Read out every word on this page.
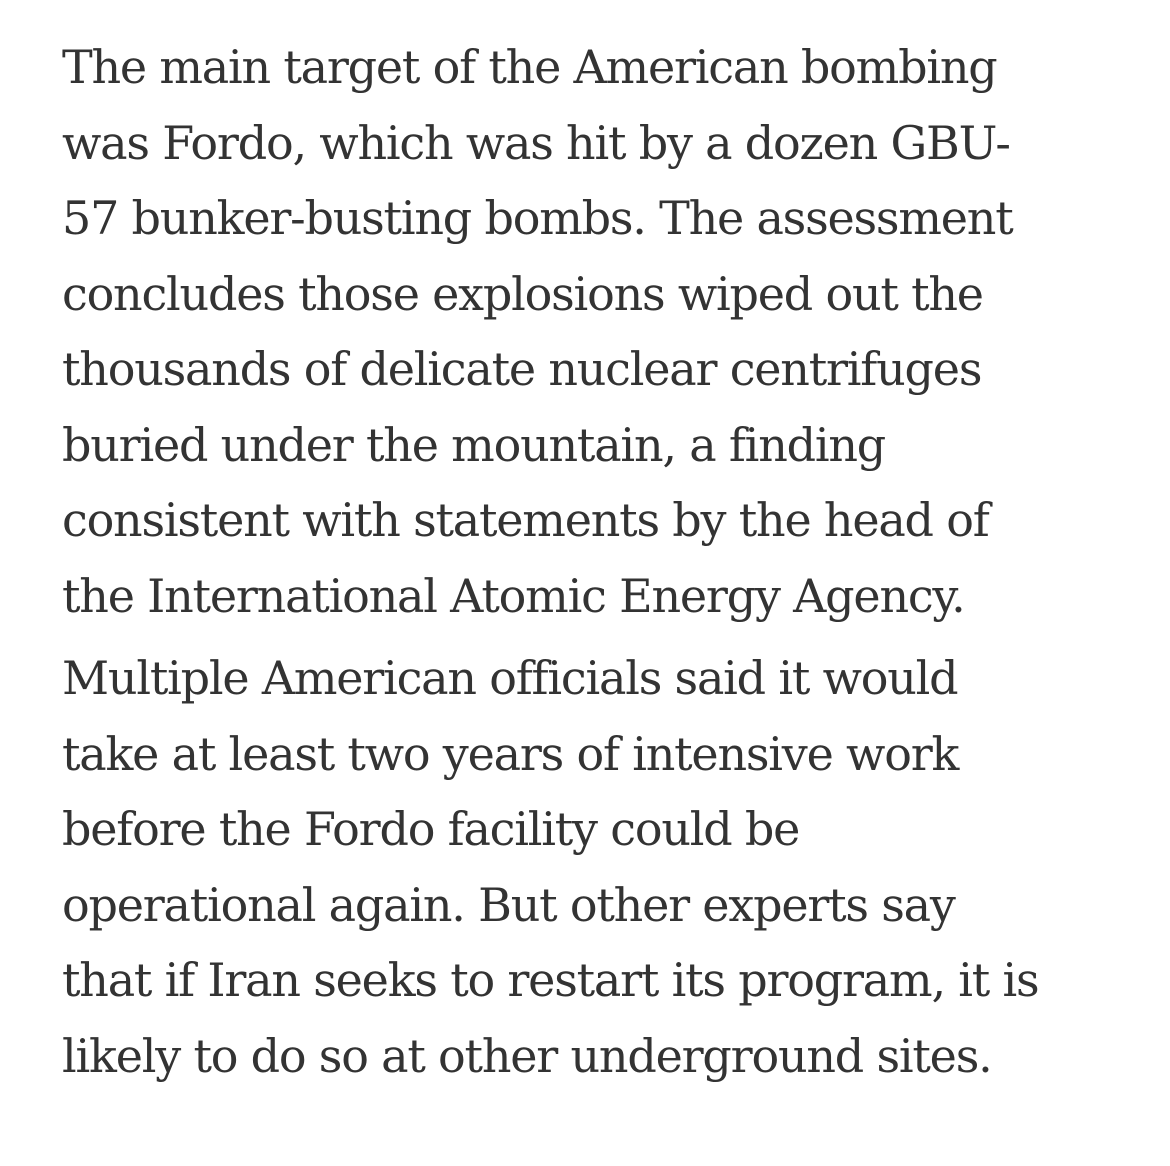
The main target of the American bombing
was Fordo, which was hit by a dozen GBU-
57 bunker-busting bombs. The assessment
concludes those explosions wiped out the
thousands of delicate nuclear centrifuges
buried under the mountain, a finding
consistent with statements by the head of
the International Atomic Energy Agency.

Multiple American officials said it would
take at least two years of intensive work
before the Fordo facility could be
operational again. But other experts say
that if Iran seeks to restart its program, it is
likely to do so at other underground sites.
